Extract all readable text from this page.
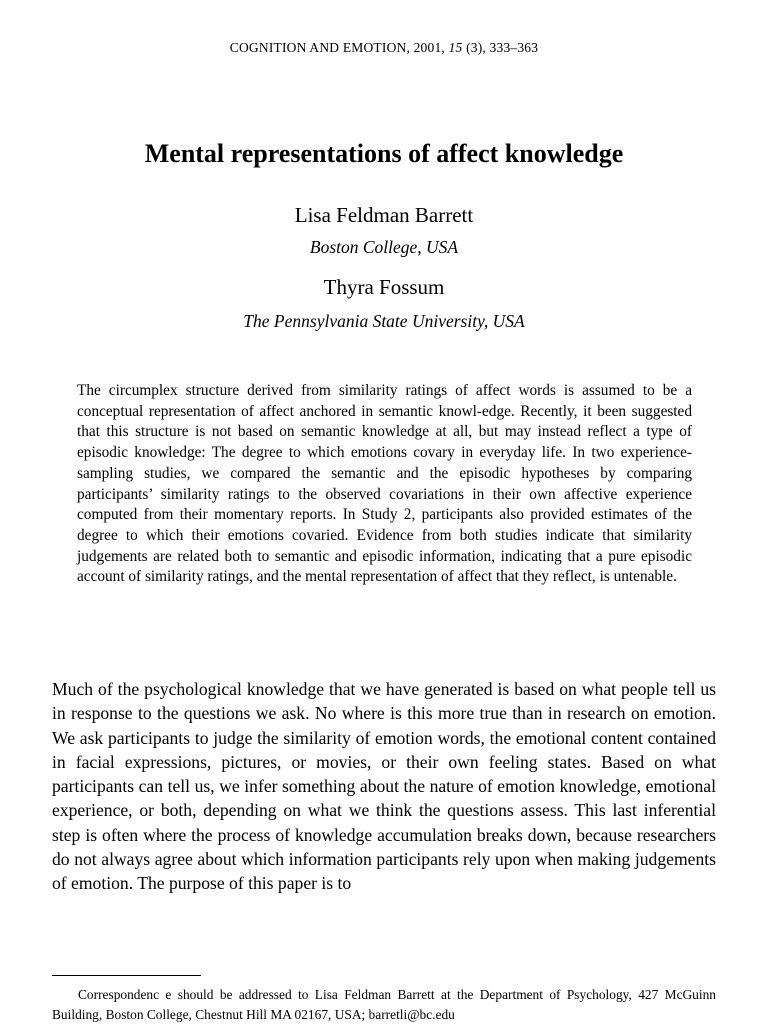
COGNITION AND EMOTION, 2001, 15 (3), 333–363
Mental representations of affect knowledge
Lisa Feldman Barrett
Boston College, USA
Thyra Fossum
The Pennsylvania State University, USA

The circumplex structure derived from similarity ratings of affect words is assumed to be a conceptual representation of affect anchored in semantic knowl-edge. Recently, it been suggested that this structure is not based on semantic knowledge at all, but may instead reflect a type of episodic knowledge: The degree to which emotions covary in everyday life. In two experience-sampling studies, we compared the semantic and the episodic hypotheses by comparing participants’ similarity ratings to the observed covariations in their own affective experience computed from their momentary reports. In Study 2, participants also provided estimates of the degree to which their emotions covaried. Evidence from both studies indicate that similarity judgements are related both to semantic and episodic information, indicating that a pure episodic account of similarity ratings, and the mental representation of affect that they reflect, is untenable.

Much of the psychological knowledge that we have generated is based on what people tell us in response to the questions we ask. No where is this more true than in research on emotion. We ask participants to judge the similarity of emotion words, the emotional content contained in facial expressions, pictures, or movies, or their own feeling states. Based on what participants can tell us, we infer something about the nature of emotion knowledge, emotional experience, or both, depending on what we think the questions assess. This last inferential step is often where the process of knowledge accumulation breaks down, because researchers do not always agree about which information participants rely upon when making judgements of emotion. The purpose of this paper is to

Correspondenc e should be addressed to Lisa Feldman Barrett at the Department of Psychology, 427 McGuinn Building, Boston College, Chestnut Hill MA 02167, USA; barretli@bc.edu
